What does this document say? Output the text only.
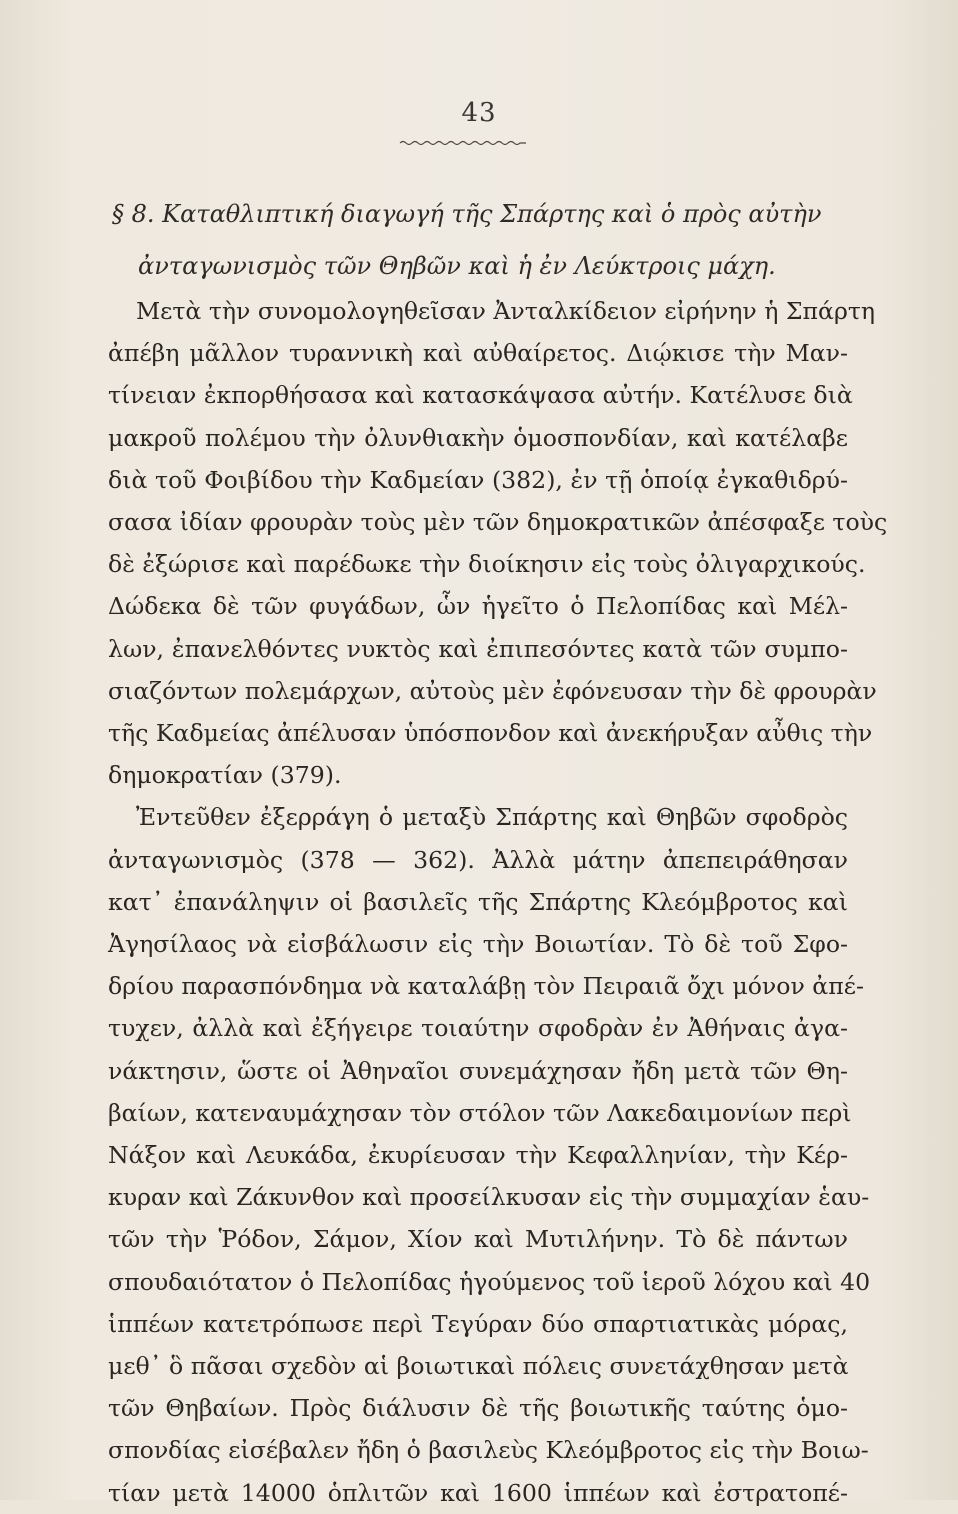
43
§ 8. Καταθλιπτική διαγωγή τῆς Σπάρτης καὶ ὁ πρὸς αὐτὴν
ἀνταγωνισμὸς τῶν Θηβῶν καὶ ἡ ἐν Λεύκτροις μάχη.
Μετὰ τὴν συνομολογηθεῖσαν Ἀνταλκίδειον εἰρήνην ἡ Σπάρτη
ἀπέβη μᾶλλον τυραννικὴ καὶ αὐθαίρετος. Διῴκισε τὴν Μαν-
τίνειαν ἐκπορθήσασα καὶ κατασκάψασα αὐτήν. Κατέλυσε διὰ
μακροῦ πολέμου τὴν ὀλυνθιακὴν ὁμοσπονδίαν, καὶ κατέλαβε
διὰ τοῦ Φοιβίδου τὴν Καδμείαν (382), ἐν τῇ ὁποίᾳ ἐγκαθιδρύ-
σασα ἰδίαν φρουρὰν τοὺς μὲν τῶν δημοκρατικῶν ἀπέσφαξε τοὺς
δὲ ἐξώρισε καὶ παρέδωκε τὴν διοίκησιν εἰς τοὺς ὀλιγαρχικούς.
Δώδεκα δὲ τῶν φυγάδων, ὧν ἡγεῖτο ὁ Πελοπίδας καὶ Μέλ-
λων, ἐπανελθόντες νυκτὸς καὶ ἐπιπεσόντες κατὰ τῶν συμπο-
σιαζόντων πολεμάρχων, αὐτοὺς μὲν ἐφόνευσαν τὴν δὲ φρουρὰν
τῆς Καδμείας ἀπέλυσαν ὑπόσπονδον καὶ ἀνεκήρυξαν αὖθις τὴν
δημοκρατίαν (379).
Ἐντεῦθεν ἐξερράγη ὁ μεταξὺ Σπάρτης καὶ Θηβῶν σφοδρὸς
ἀνταγωνισμὸς (378 — 362). Ἀλλὰ μάτην ἀπεπειράθησαν
κατ᾽ ἐπανάληψιν οἱ βασιλεῖς τῆς Σπάρτης Κλεόμβροτος καὶ
Ἀγησίλαος νὰ εἰσβάλωσιν εἰς τὴν Βοιωτίαν. Τὸ δὲ τοῦ Σφο-
δρίου παρασπόνδημα νὰ καταλάβῃ τὸν Πειραιᾶ ὄχι μόνον ἀπέ-
τυχεν, ἀλλὰ καὶ ἐξήγειρε τοιαύτην σφοδρὰν ἐν Ἀθήναις ἀγα-
νάκτησιν, ὥστε οἱ Ἀθηναῖοι συνεμάχησαν ἤδη μετὰ τῶν Θη-
βαίων, κατεναυμάχησαν τὸν στόλον τῶν Λακεδαιμονίων περὶ
Νάξον καὶ Λευκάδα, ἐκυρίευσαν τὴν Κεφαλληνίαν, τὴν Κέρ-
κυραν καὶ Ζάκυνθον καὶ προσείλκυσαν εἰς τὴν συμμαχίαν ἑαυ-
τῶν τὴν Ῥόδον, Σάμον, Χίον καὶ Μυτιλήνην. Τὸ δὲ πάντων
σπουδαιότατον ὁ Πελοπίδας ἡγούμενος τοῦ ἱεροῦ λόχου καὶ 40
ἱππέων κατετρόπωσε περὶ Τεγύραν δύο σπαρτιατικὰς μόρας,
μεθ᾽ ὃ πᾶσαι σχεδὸν αἱ βοιωτικαὶ πόλεις συνετάχθησαν μετὰ
τῶν Θηβαίων. Πρὸς διάλυσιν δὲ τῆς βοιωτικῆς ταύτης ὁμο-
σπονδίας εἰσέβαλεν ἤδη ὁ βασιλεὺς Κλεόμβροτος εἰς τὴν Βοιω-
τίαν μετὰ 14000 ὁπλιτῶν καὶ 1600 ἱππέων καὶ ἐστρατοπέ-
